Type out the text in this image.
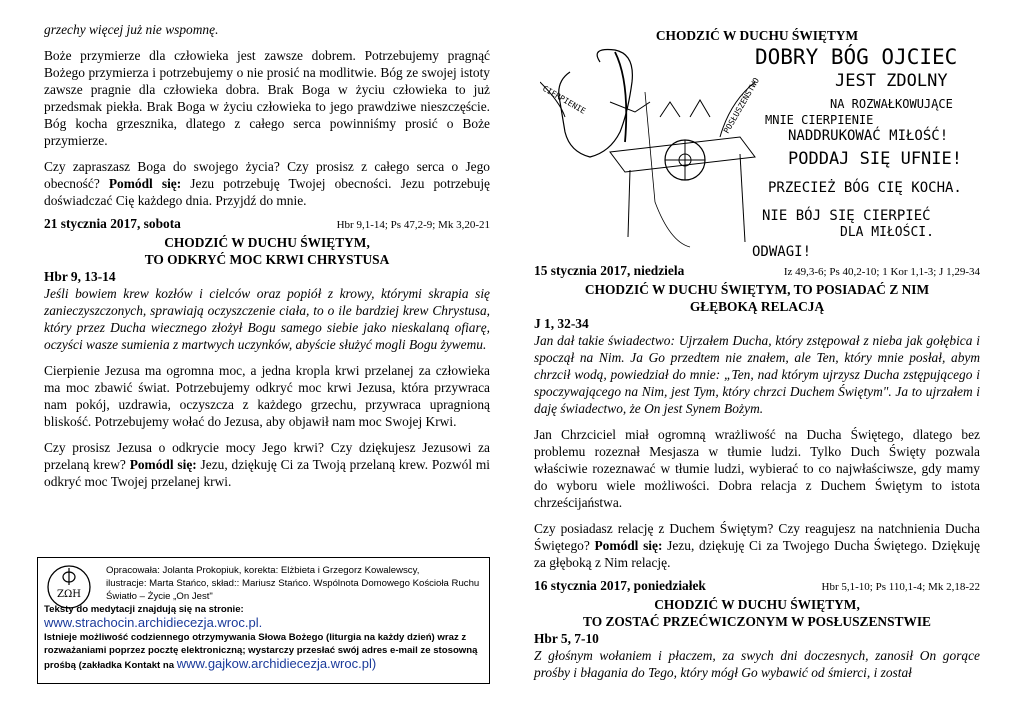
grzechy więcej już nie wspomnę.

Boże przymierze dla człowieka jest zawsze dobrem. Potrzebujemy pragnąć Bożego przymierza i potrzebujemy o nie prosić na modlitwie. Bóg ze swojej istoty zawsze pragnie dla człowieka dobra. Brak Boga w życiu człowieka to już przedsmak piekła. Brak Boga w życiu człowieka to jego prawdziwe nieszczęście. Bóg kocha grzesznika, dlatego z całego serca powinniśmy prosić o Boże przymierze.

Czy zapraszasz Boga do swojego życia? Czy prosisz z całego serca o Jego obecność? Pomódl się: Jezu potrzebuję Twojej obecności. Jezu potrzebuję doświadczać Cię każdego dnia. Przyjdź do mnie.

21 stycznia 2017, sobota	Hbr 9,1-14; Ps 47,2-9; Mk 3,20-21
CHODZIĆ W DUCHU ŚWIĘTYM,
TO ODKRYĆ MOC KRWI CHRYSTUSA
Hbr 9, 13-14

Jeśli bowiem krew kozłów i cielców oraz popiół z krowy, którymi skrapia się zanieczyszczonych, sprawiają oczyszczenie ciała, to o ile bardziej krew Chrystusa, który przez Ducha wiecznego złożył Bogu samego siebie jako nieskalaną ofiarę, oczyści wasze sumienia z martwych uczynków, abyście służyć mogli Bogu żywemu.

Cierpienie Jezusa ma ogromna moc, a jedna kropla krwi przelanej za człowieka ma moc zbawić świat. Potrzebujemy odkryć moc krwi Jezusa, która przywraca nam pokój, uzdrawia, oczyszcza z każdego grzechu, przywraca upragnioną bliskość. Potrzebujemy wołać do Jezusa, aby objawił nam moc Swojej Krwi.

Czy prosisz Jezusa o odkrycie mocy Jego krwi? Czy dziękujesz Jezusowi za przelaną krew? Pomódl się: Jezu, dziękuję Ci za Twoją przelaną krew. Pozwól mi odkryć moc Twojej przelanej krwi.

ΖΩΗ
Opracowała: Jolanta Prokopiuk, korekta: Elżbieta i Grzegorz Kowalewscy,
ilustracje: Marta Stańco, skład:: Mariusz Stańco. Wspólnota Domowego Kościoła Ruchu
Światło – Życie „On Jest"
Teksty do medytacji znajdują się na stronie:
www.strachocin.archidiecezja.wroc.pl.
Istnieje możliwość codziennego otrzymywania Słowa Bożego (liturgia na każdy dzień) wraz z rozważaniami poprzez pocztę elektroniczną; wystarczy przesłać swój adres e-mail ze stosowną prośbą (zakładka Kontakt na www.gajkow.archidiecezja.wroc.pl)
CHODZIĆ W DUCHU ŚWIĘTYM
CIERPIENIE	POSŁUSZEŃSTWO
DOBRY BÓG OJCIEC
JEST ZDOLNY
NA ROZWAŁKOWUJĄCE
MNIE CIERPIENIE
NADDRUKOWAĆ MIŁOŚĆ!
PODDAJ SIĘ UFNIE!
PRZECIEŻ BÓG CIĘ KOCHA.
NIE BÓJ SIĘ CIERPIEĆ
DLA MIŁOŚCI.
ODWAGI!
15 stycznia 2017, niedziela	Iz 49,3-6; Ps 40,2-10; 1 Kor 1,1-3; J 1,29-34
CHODZIĆ W DUCHU ŚWIĘTYM, TO POSIADAĆ Z NIM
GŁĘBOKĄ RELACJĄ
J 1, 32-34

Jan dał takie świadectwo: Ujrzałem Ducha, który zstępował z nieba jak gołębica i spoczął na Nim. Ja Go przedtem nie znałem, ale Ten, który mnie posłał, abym chrzcił wodą, powiedział do mnie: „Ten, nad którym ujrzysz Ducha zstępującego i spoczywającego na Nim, jest Tym, który chrzci Duchem Świętym". Ja to ujrzałem i daję świadectwo, że On jest Synem Bożym.

Jan Chrzciciel miał ogromną wrażliwość na Ducha Świętego, dlatego bez problemu rozeznał Mesjasza w tłumie ludzi. Tylko Duch Święty pozwala właściwie rozeznawać w tłumie ludzi, wybierać to co najwłaściwsze, gdy mamy do wyboru wiele możliwości. Dobra relacja z Duchem Świętym to istota chrześcijaństwa.

Czy posiadasz relację z Duchem Świętym? Czy reagujesz na natchnienia Ducha Świętego? Pomódl się: Jezu, dziękuję Ci za Twojego Ducha Świętego. Dziękuję za głęboką z Nim relację.

16 stycznia 2017, poniedziałek	Hbr 5,1-10; Ps 110,1-4; Mk 2,18-22
CHODZIĆ W DUCHU ŚWIĘTYM,
TO ZOSTAĆ PRZEĆWICZONYM W POSŁUSZENSTWIE
Hbr 5, 7-10

Z głośnym wołaniem i płaczem, za swych dni doczesnych, zanosił On gorące prośby i błagania do Tego, który mógł Go wybawić od śmierci, i został
